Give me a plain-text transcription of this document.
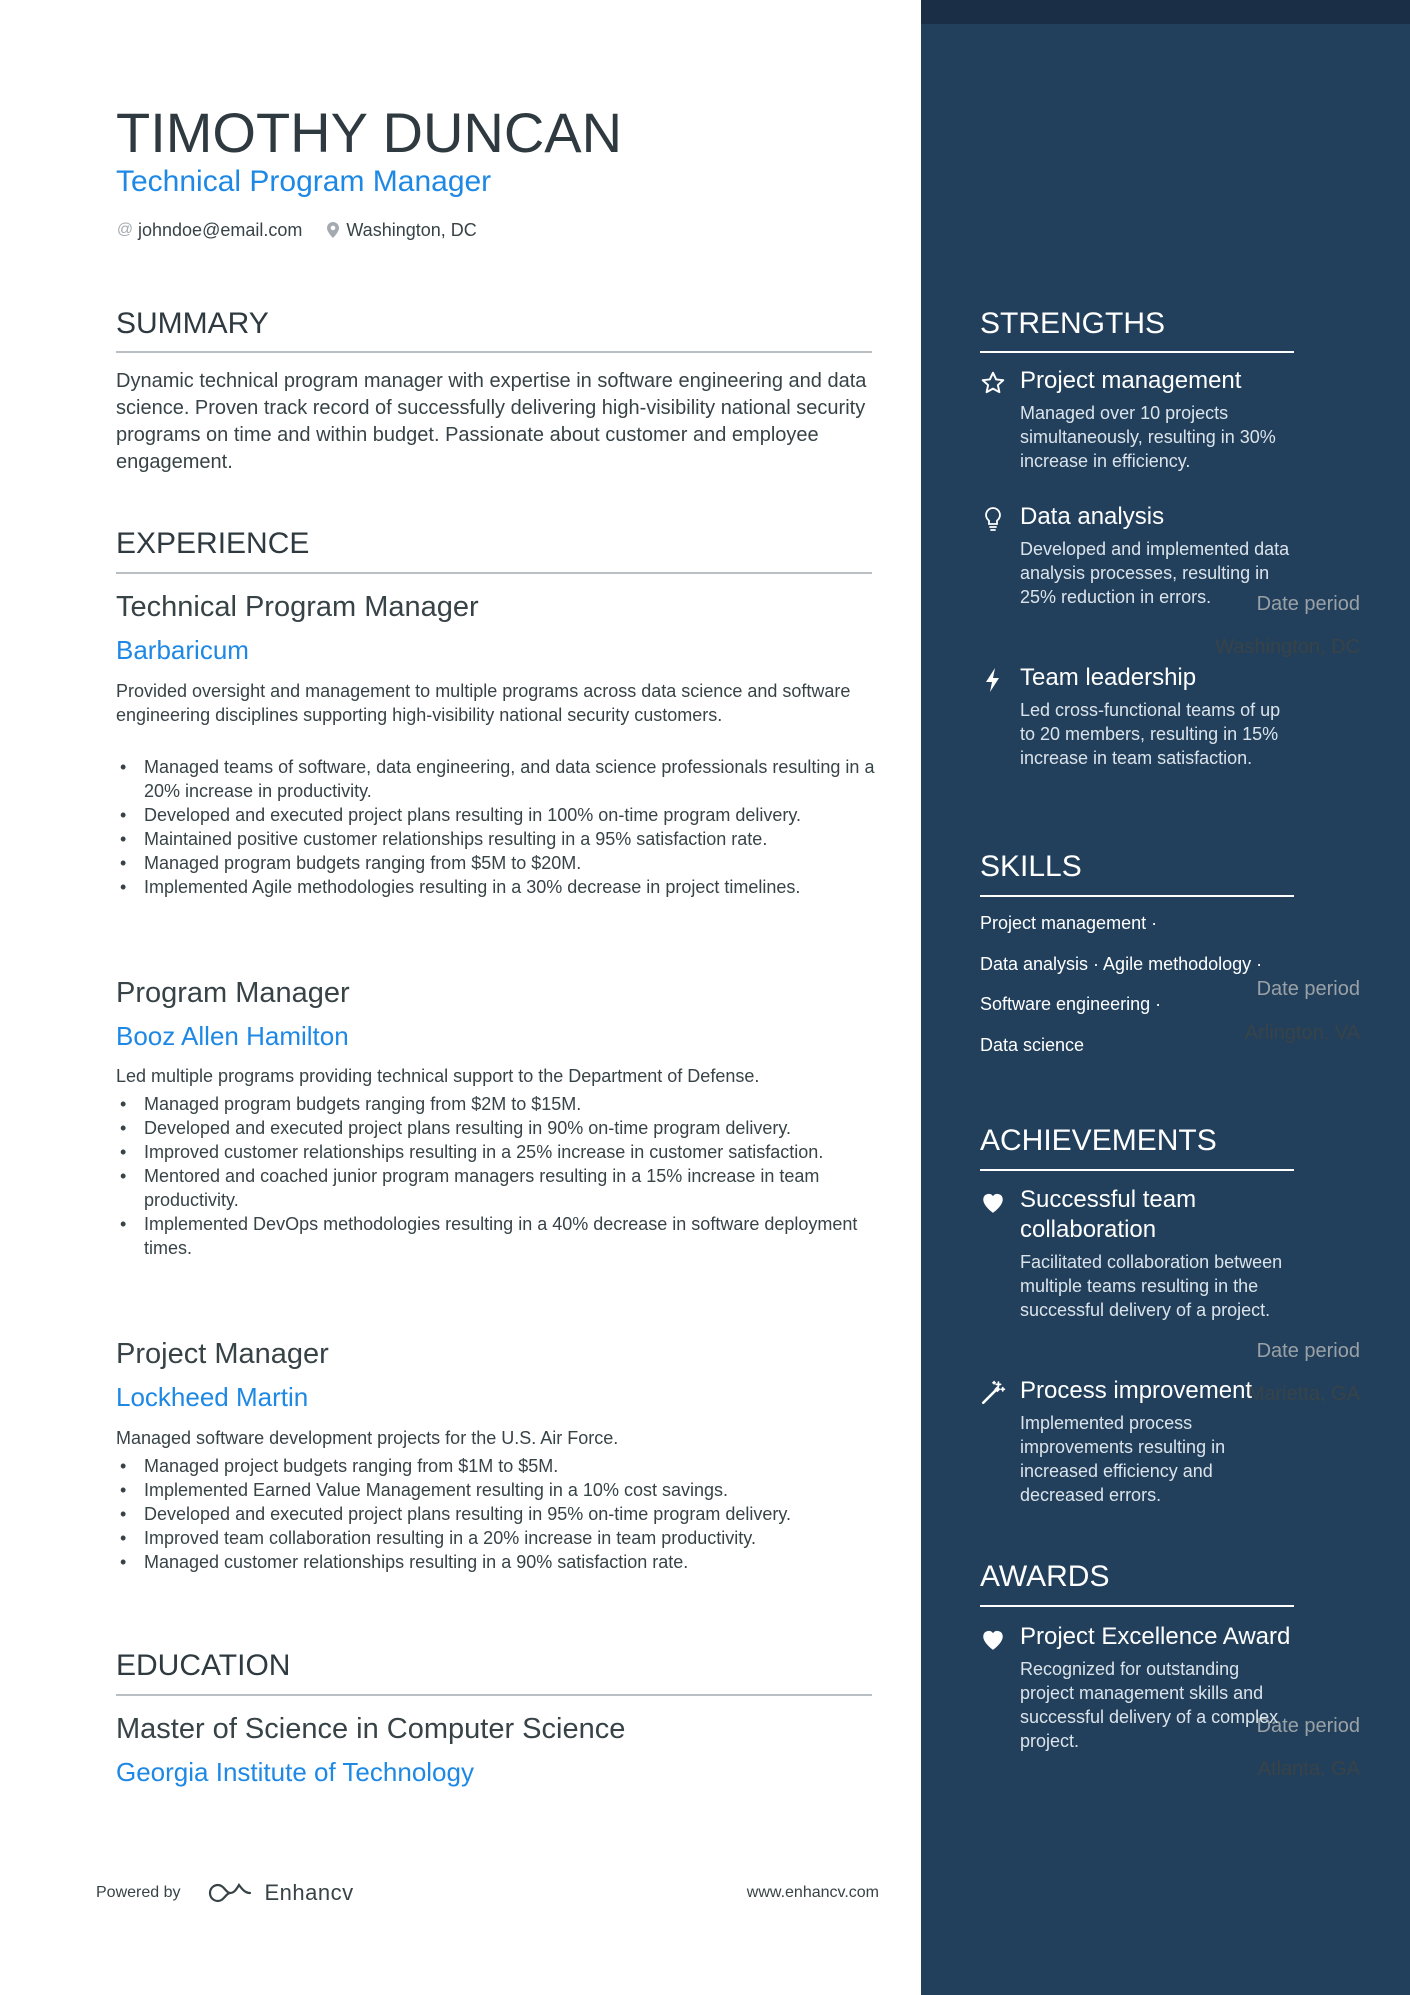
TIMOTHY DUNCAN
Technical Program Manager
@ johndoe@email.com Washington, DC
SUMMARY
Dynamic technical program manager with expertise in software engineering and data science. Proven track record of successfully delivering high-visibility national security programs on time and within budget. Passionate about customer and employee engagement.
EXPERIENCE
Technical Program Manager	Date period
Barbaricum	Washington, DC
Provided oversight and management to multiple programs across data science and software engineering disciplines supporting high-visibility national security customers.
• Managed teams of software, data engineering, and data science professionals resulting in a 20% increase in productivity.
• Developed and executed project plans resulting in 100% on-time program delivery.
• Maintained positive customer relationships resulting in a 95% satisfaction rate.
• Managed program budgets ranging from $5M to $20M.
• Implemented Agile methodologies resulting in a 30% decrease in project timelines.
Program Manager	Date period
Booz Allen Hamilton	Arlington, VA
Led multiple programs providing technical support to the Department of Defense.
• Managed program budgets ranging from $2M to $15M.
• Developed and executed project plans resulting in 90% on-time program delivery.
• Improved customer relationships resulting in a 25% increase in customer satisfaction.
• Mentored and coached junior program managers resulting in a 15% increase in team productivity.
• Implemented DevOps methodologies resulting in a 40% decrease in software deployment times.
Project Manager	Date period
Lockheed Martin	Marietta, GA
Managed software development projects for the U.S. Air Force.
• Managed project budgets ranging from $1M to $5M.
• Implemented Earned Value Management resulting in a 10% cost savings.
• Developed and executed project plans resulting in 95% on-time program delivery.
• Improved team collaboration resulting in a 20% increase in team productivity.
• Managed customer relationships resulting in a 90% satisfaction rate.
EDUCATION
Master of Science in Computer Science	Date period
Georgia Institute of Technology	Atlanta, GA
Powered by	Enhancv	www.enhancv.com
STRENGTHS
Project management
Managed over 10 projects simultaneously, resulting in 30% increase in efficiency.
Data analysis
Developed and implemented data analysis processes, resulting in 25% reduction in errors.
Team leadership
Led cross-functional teams of up to 20 members, resulting in 15% increase in team satisfaction.
SKILLS
Project management ·
Data analysis · Agile methodology ·
Software engineering ·
Data science
ACHIEVEMENTS
Successful team collaboration
Facilitated collaboration between multiple teams resulting in the successful delivery of a project.
Process improvement
Implemented process improvements resulting in increased efficiency and decreased errors.
AWARDS
Project Excellence Award
Recognized for outstanding project management skills and successful delivery of a complex project.
